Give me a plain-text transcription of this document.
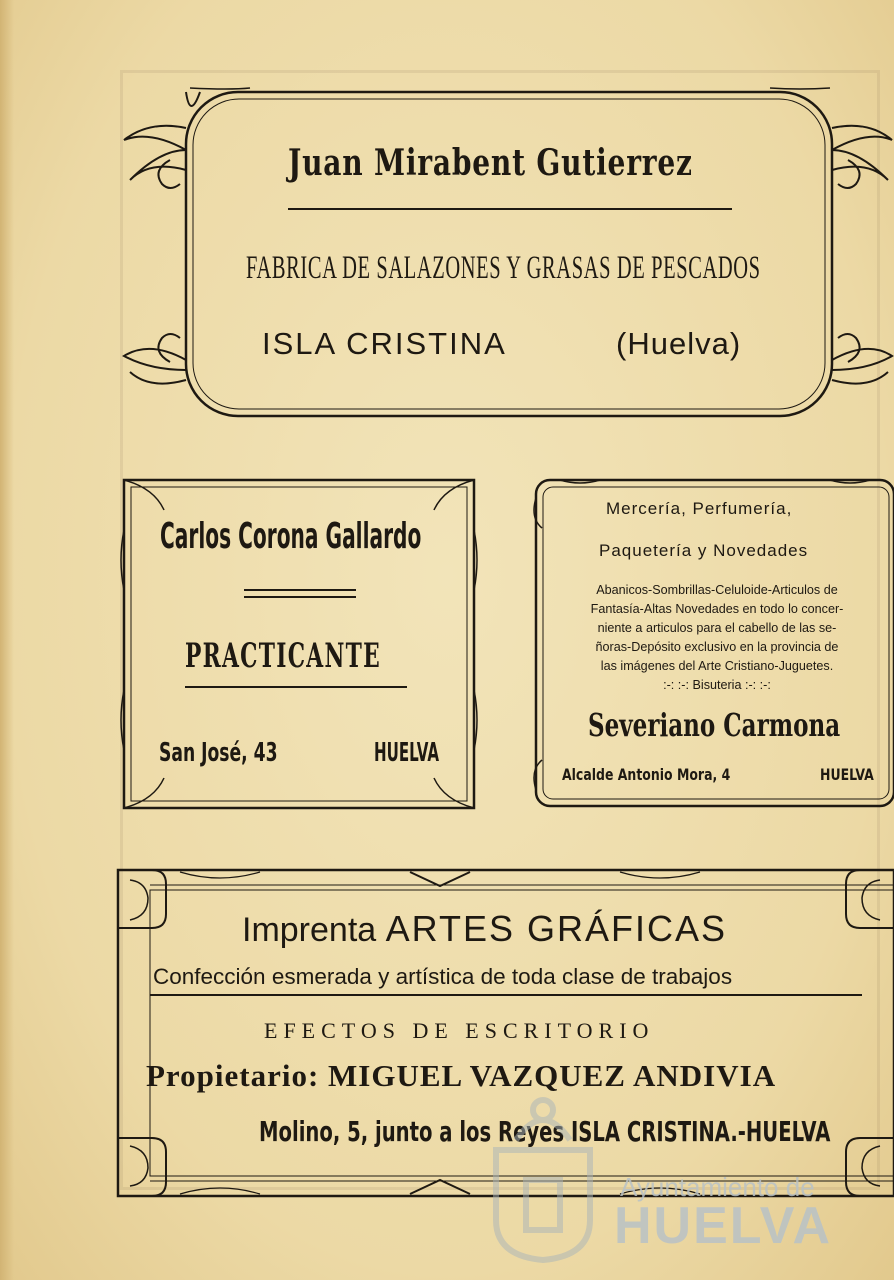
Juan Mirabent Gutierrez
FABRICA DE SALAZONES Y GRASAS DE PESCADOS
ISLA CRISTINA	(Huelva)
Carlos Corona Gallardo
PRACTICANTE
San José, 43	HUELVA
Mercería, Perfumería,
Paquetería y Novedades
Abanicos-Sombrillas-Celuloide-Articulos de
Fantasía-Altas Novedades en todo lo concer-
niente a articulos para el cabello de las se-
ñoras-Depósito exclusivo en la provincia de
las imágenes del Arte Cristiano-Juguetes.
:-: :-: Bisuteria :-: :-:
Severiano Carmona
Alcalde Antonio Mora, 4	HUELVA
Imprenta ARTES GRÁFICAS
Confección esmerada y artística de toda clase de trabajos
EFECTOS DE ESCRITORIO
Propietario: MIGUEL VAZQUEZ ANDIVIA
Molino, 5, junto a los Reyes ISLA CRISTINA.-HUELVA
Ayuntamiento de
HUELVA
